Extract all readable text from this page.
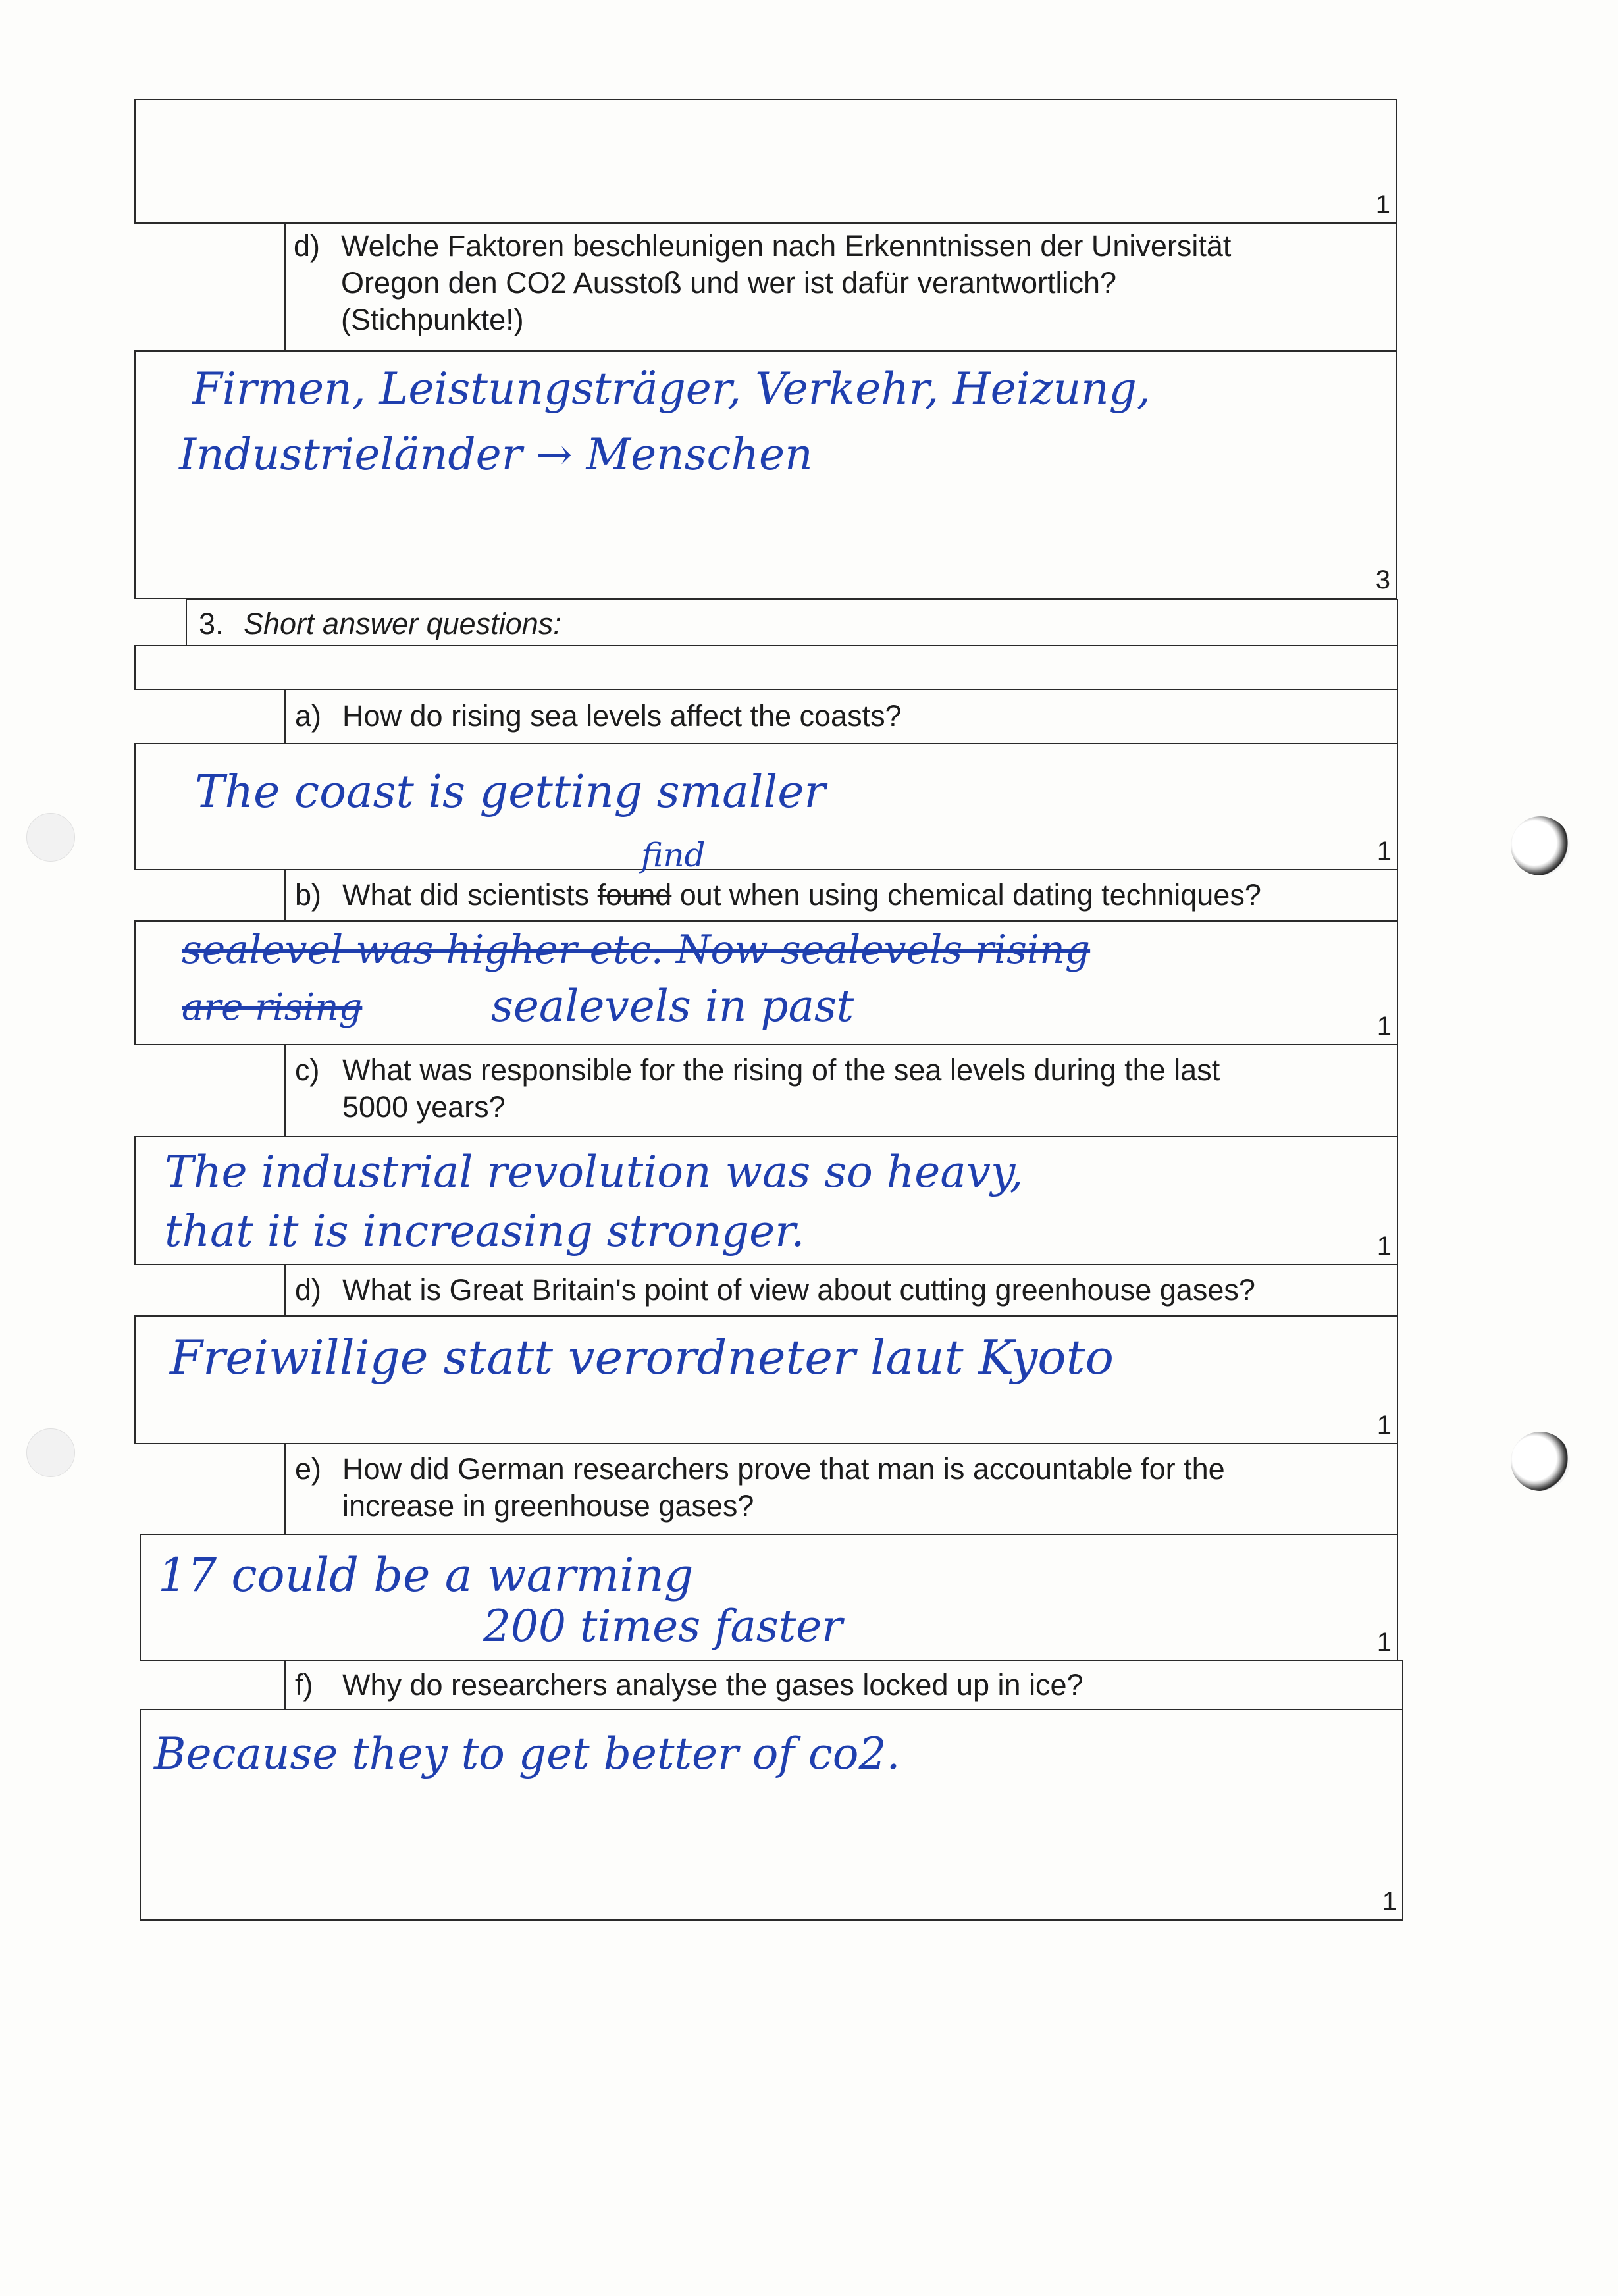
1
d) Welche Faktoren beschleunigen nach Erkenntnissen der Universität
Oregon den CO2 Ausstoß und wer ist dafür verantwortlich?
(Stichpunkte!)
Firmen, Leistungsträger, Verkehr, Heizung,
Industrieländer → Menschen
3
3. Short answer questions:
a) How do rising sea levels affect the coasts?
The coast is getting smaller
1
b) What did scientists found out when using chemical dating techniques?
find
sealevel was higher etc. Now sealevels rising
are rising	sealevels in past	1
c) What was responsible for the rising of the sea levels during the last
5000 years?
The industrial revolution was so heavy,
that it is increasing stronger.	1
d) What is Great Britain's point of view about cutting greenhouse gases?
Freiwillige statt verordneter laut Kyoto
1
e) How did German researchers prove that man is accountable for the
increase in greenhouse gases?
17 could be a warming
200 times faster	1
f) Why do researchers analyse the gases locked up in ice?
Because they to get better of co2.
1
